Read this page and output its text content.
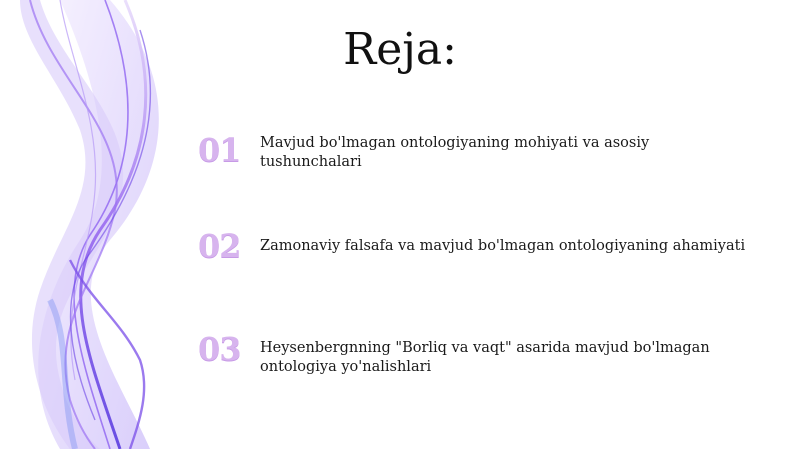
Reja:
01	Mavjud bo'lmagan ontologiyaning mohiyati va asosiy tushunchalari
02	Zamonaviy falsafa va mavjud bo'lmagan ontologiyaning ahamiyati
03	Heysenbergnning "Borliq va vaqt" asarida mavjud bo'lmagan ontologiya yo'nalishlari
